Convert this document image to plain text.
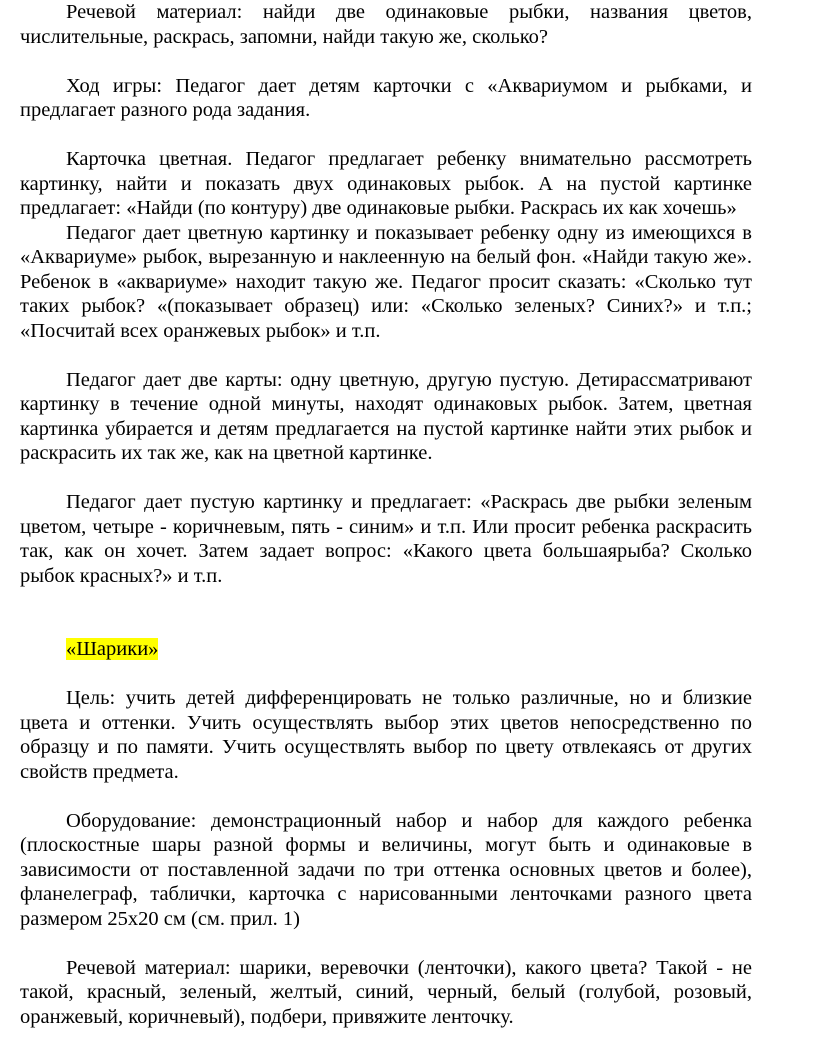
Речевой материал: найди две одинаковые рыбки, названия цветов, числительные, раскрась, запомни, найди такую же, сколько?

Ход игры: Педагог дает детям карточки с «Аквариумом и рыбками, и предлагает разного рода задания.

Карточка цветная. Педагог предлагает ребенку внимательно рассмотреть картинку, найти и показать двух одинаковых рыбок. А на пустой картинке предлагает: «Найди (по контуру) две одинаковые рыбки. Раскрась их как хочешь»

Педагог дает цветную картинку и показывает ребенку одну из имеющихся в «Аквариуме» рыбок, вырезанную и наклеенную на белый фон. «Найди такую же». Ребенок в «аквариуме» находит такую же. Педагог просит сказать: «Сколько тут таких рыбок? «(показывает образец) или: «Сколько зеленых? Синих?» и т.п.; «Посчитай всех оранжевых рыбок» и т.п.

Педагог дает две карты: одну цветную, другую пустую. Детирассматривают картинку в течение одной минуты, находят одинаковых рыбок. Затем, цветная картинка убирается и детям предлагается на пустой картинке найти этих рыбок и раскрасить их так же, как на цветной картинке.

Педагог дает пустую картинку и предлагает: «Раскрась две рыбки зеленым цветом, четыре - коричневым, пять - синим» и т.п. Или просит ребенка раскрасить так, как он хочет. Затем задает вопрос: «Какого цвета большаярыба? Сколько рыбок красных?» и т.п.

«Шарики»

Цель: учить детей дифференцировать не только различные, но и близкие цвета и оттенки. Учить осуществлять выбор этих цветов непосредственно по образцу и по памяти. Учить осуществлять выбор по цвету отвлекаясь от других свойств предмета.

Оборудование: демонстрационный набор и набор для каждого ребенка (плоскостные шары разной формы и величины, могут быть и одинаковые в зависимости от поставленной задачи по три оттенка основных цветов и более), фланелеграф, таблички, карточка с нарисованными ленточками разного цвета размером 25х20 см (см. прил. 1)

Речевой материал: шарики, веревочки (ленточки), какого цвета? Такой - не такой, красный, зеленый, желтый, синий, черный, белый (голубой, розовый, оранжевый, коричневый), подбери, привяжите ленточку.
